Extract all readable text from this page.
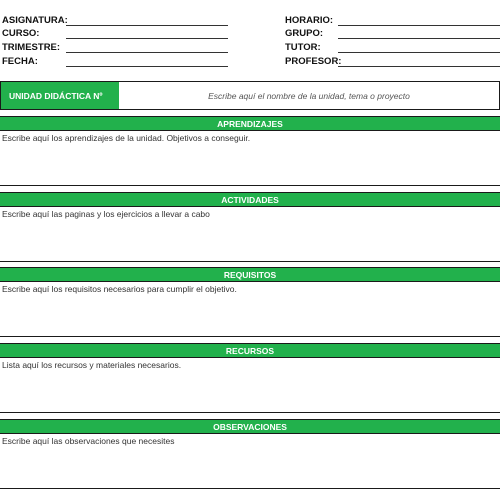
ASIGNATURA:
CURSO:
TRIMESTRE:
FECHA:
HORARIO:
GRUPO:
TUTOR:
PROFESOR:
UNIDAD DIDÁCTICA Nº	Escribe aquí el nombre de la unidad, tema o proyecto
APRENDIZAJES
Escribe aquí los aprendizajes de la unidad. Objetivos a conseguir.
ACTIVIDADES
Escribe aquí las paginas y los ejercicios a llevar a cabo
REQUISITOS
Escribe aquí los requisitos necesarios para cumplir el objetivo.
RECURSOS
Lista aquí los recursos y materiales necesarios.
OBSERVACIONES
Escribe aquí las observaciones que necesites
